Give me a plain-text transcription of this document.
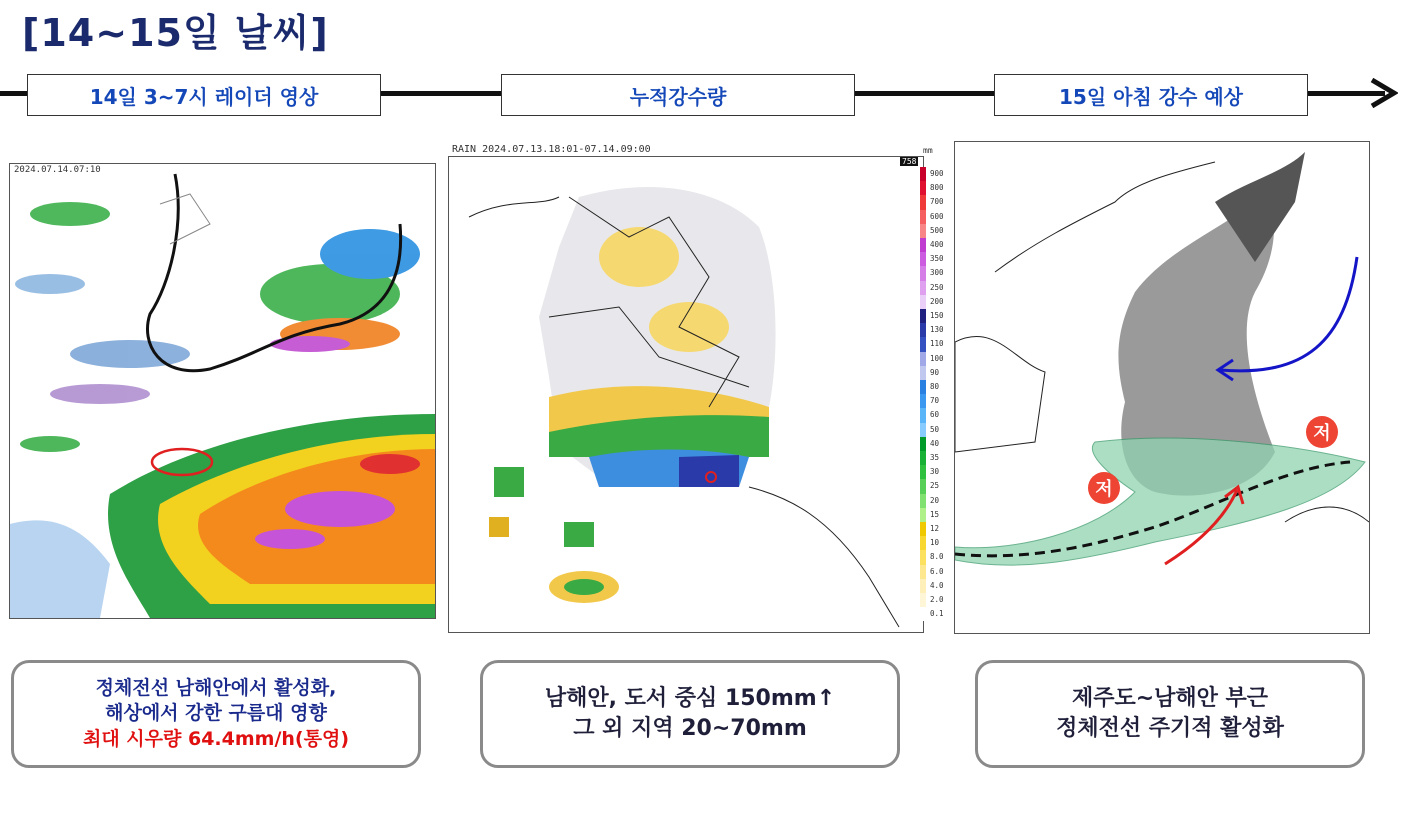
[14~15일 날씨]
14일 3~7시 레이더 영상	누적강수량	15일 아침 강수 예상
2024.07.14.07:10
RAIN 2024.07.13.18:01-07.14.09:00	mm
758
900
800
700
600
500
400
350
300
250
200
150
130
110
100
90
80
70
60
50
40
35
30
25
20
15
12
10
8.0
6.0
4.0
2.0
0.1
저
저
정체전선 남해안에서 활성화,
해상에서 강한 구름대 영향
최대 시우량 64.4mm/h(통영)
남해안, 도서 중심 150mm↑
그 외 지역 20~70mm
제주도~남해안 부근
정체전선 주기적 활성화
